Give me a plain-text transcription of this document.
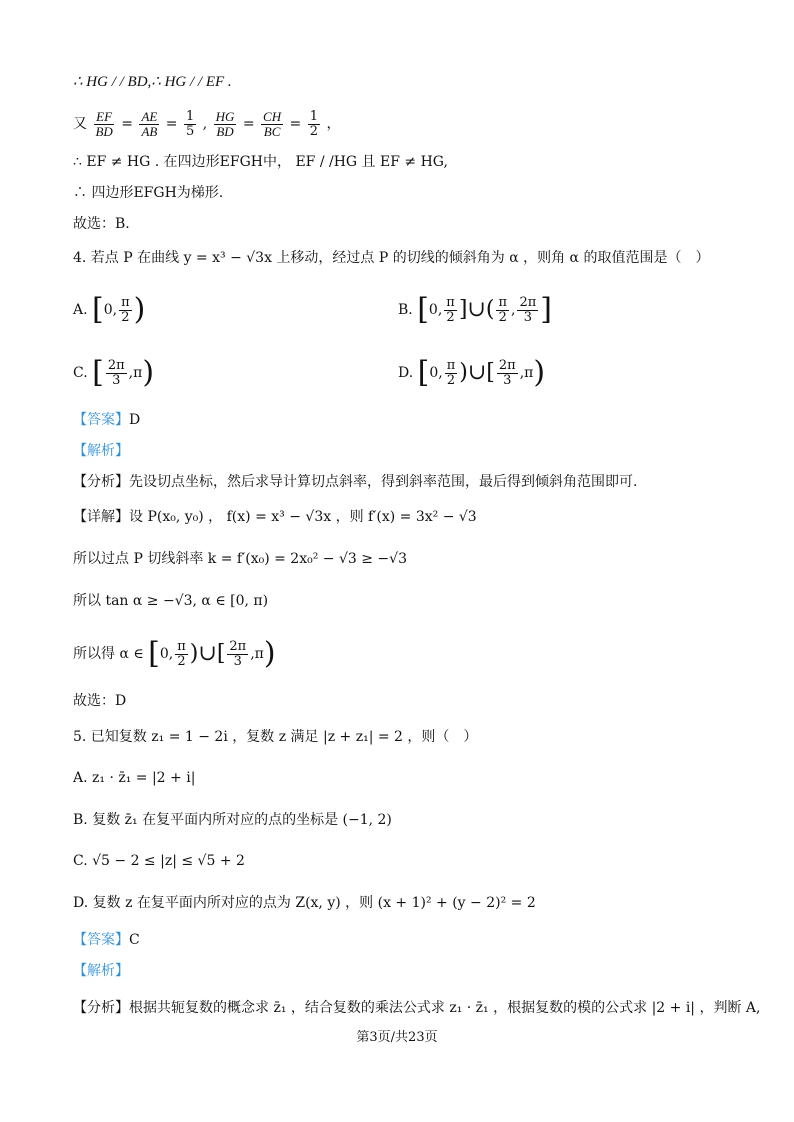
∴ HG / / BD,∴ HG / / EF .
又 $\frac{EF}{BD} = \frac{AE}{AB} = \frac{1}{5}$ , $\frac{HG}{BD} = \frac{CH}{BC} = \frac{1}{2}$ ，
∴ EF ≠ HG . 在四边形EFGH中， EF / /HG 且 EF ≠ HG,
∴ 四边形EFGH为梯形.
故选：B.
4. 若点 P 在曲线 y = x³ − √3x 上移动，经过点 P 的切线的倾斜角为 α ，则角 α 的取值范围是（　）
A. [0, $\frac{\pi}{2}$ )	B. [0, $\frac{\pi}{2}$ ]∪( $\frac{\pi}{2}$ , $\frac{2\pi}{3}$ ]
C. [ $\frac{2\pi}{3} ,\pi$)	D. [0, $\frac{\pi}{2}$ )∪[ $\frac{2\pi}{3} ,\pi$)
【答案】D
【解析】
【分析】先设切点坐标，然后求导计算切点斜率，得到斜率范围，最后得到倾斜角范围即可.
【详解】设 P(x₀, y₀) ， f(x) = x³ − √3x ，则 f′(x) = 3x² − √3
所以过点 P 切线斜率 k = f′(x₀) = 2x₀² − √3 ≥ −√3
所以 tan α ≥ −√3, α ∈ [0, π)
所以得 α ∈ [0, $\frac{\pi}{2}$ )∪[ $\frac{2\pi}{3} ,\pi$)
故选：D
5. 已知复数 z₁ = 1 − 2i ，复数 z 满足 |z + z₁| = 2 ，则（　）
A. z₁ · z̄₁ = |2 + i|
B. 复数 z̄₁ 在复平面内所对应的点的坐标是 (−1, 2)
C. √5 − 2 ≤ |z| ≤ √5 + 2
D. 复数 z 在复平面内所对应的点为 Z(x, y) ，则 (x + 1)² + (y − 2)² = 2
【答案】C
【解析】
【分析】根据共轭复数的概念求 z̄₁ ，结合复数的乘法公式求 z₁ · z̄₁ ，根据复数的模的公式求 |2 + i| ，判断 A,
第3页/共23页
